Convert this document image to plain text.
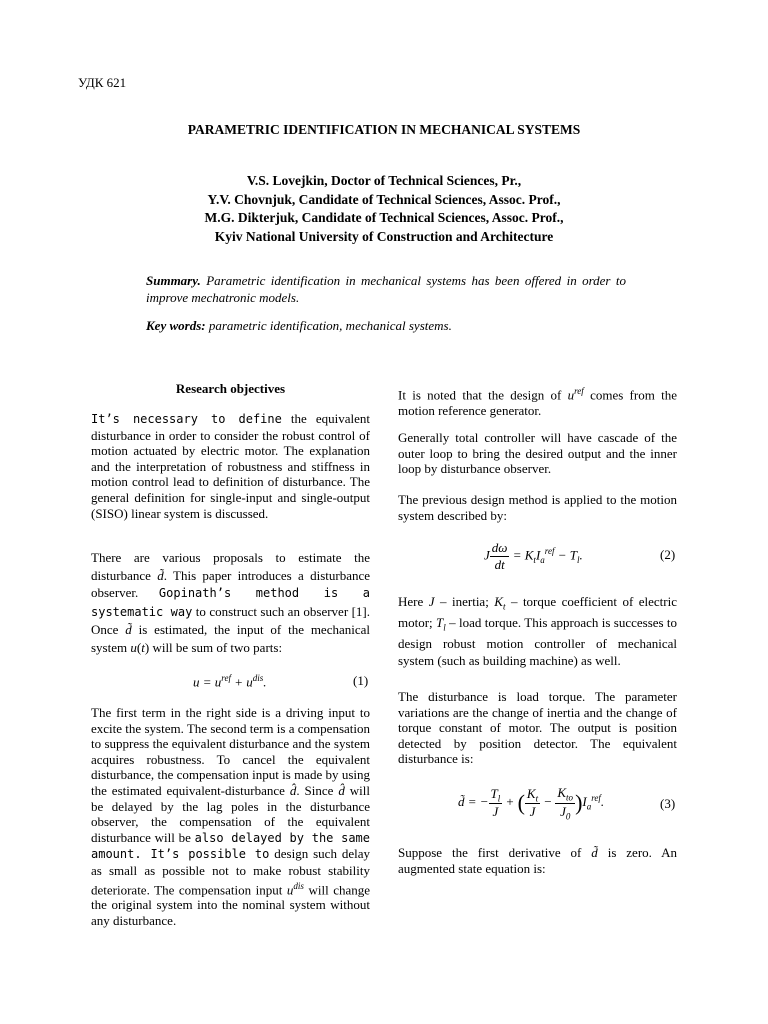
УДК 621
PARAMETRIC IDENTIFICATION IN MECHANICAL SYSTEMS
V.S. Lovejkin, Doctor of Technical Sciences, Pr.,
Y.V. Chovnjuk, Candidate of Technical Sciences, Assoc. Prof.,
M.G. Dikterjuk, Candidate of Technical Sciences, Assoc. Prof.,
Kyiv National University of Construction and Architecture
Summary. Parametric identification in mechanical systems has been offered in order to improve mechatronic models.
Key words: parametric identification, mechanical systems.
Research objectives

It’s necessary to define the equivalent disturbance in order to consider the robust control of motion actuated by electric motor. The explanation and the interpretation of robustness and stiffness in motion control lead to definition of disturbance. The general definition for single-input and single-output (SISO) linear system is discussed.

There are various proposals to estimate the disturbance d̃. This paper introduces a disturbance observer. Gopinath’s method is a systematic way to construct such an observer [1]. Once d̃ is estimated, the input of the mechanical system u(t) will be sum of two parts:

$u = u^{ref} + u^{dis}$.	(1)

The first term in the right side is a driving input to excite the system. The second term is a compensation to suppress the equivalent disturbance and the system acquires robustness. To cancel the equivalent disturbance, the compensation input is made by using the estimated equivalent-disturbance d̂. Since d̂ will be delayed by the lag poles in the disturbance observer, the compensation of the equivalent disturbance will be also delayed by the same amount. It’s possible to design such delay as small as possible not to make robust stability deteriorate. The compensation input $u^{dis}$ will change the original system into the nominal system without any disturbance.

It is noted that the design of $u^{ref}$ comes from the motion reference generator.

Generally total controller will have cascade of the outer loop to bring the desired output and the inner loop by disturbance observer.

The previous design method is applied to the motion system described by:

J $\frac{d\omega}{dt} = K_tI_a^{ref} - T_l$.	(2)

Here J – inertia; $K_t$ – torque coefficient of electric motor; $T_l$ – load torque. This approach is successes to design robust motion controller of mechanical system (such as building machine) as well.

The disturbance is load torque. The parameter variations are the change of inertia and the change of torque constant of motor. The output is position detected by position detector. The equivalent disturbance is:

d̃ = − $\frac{T_l}{J}$ + ( $\frac{K_t}{J} - \frac{K_{to}}{J_0} )I_a^{ref}$.	(3)

Suppose the first derivative of d̃ is zero. An augmented state equation is:
